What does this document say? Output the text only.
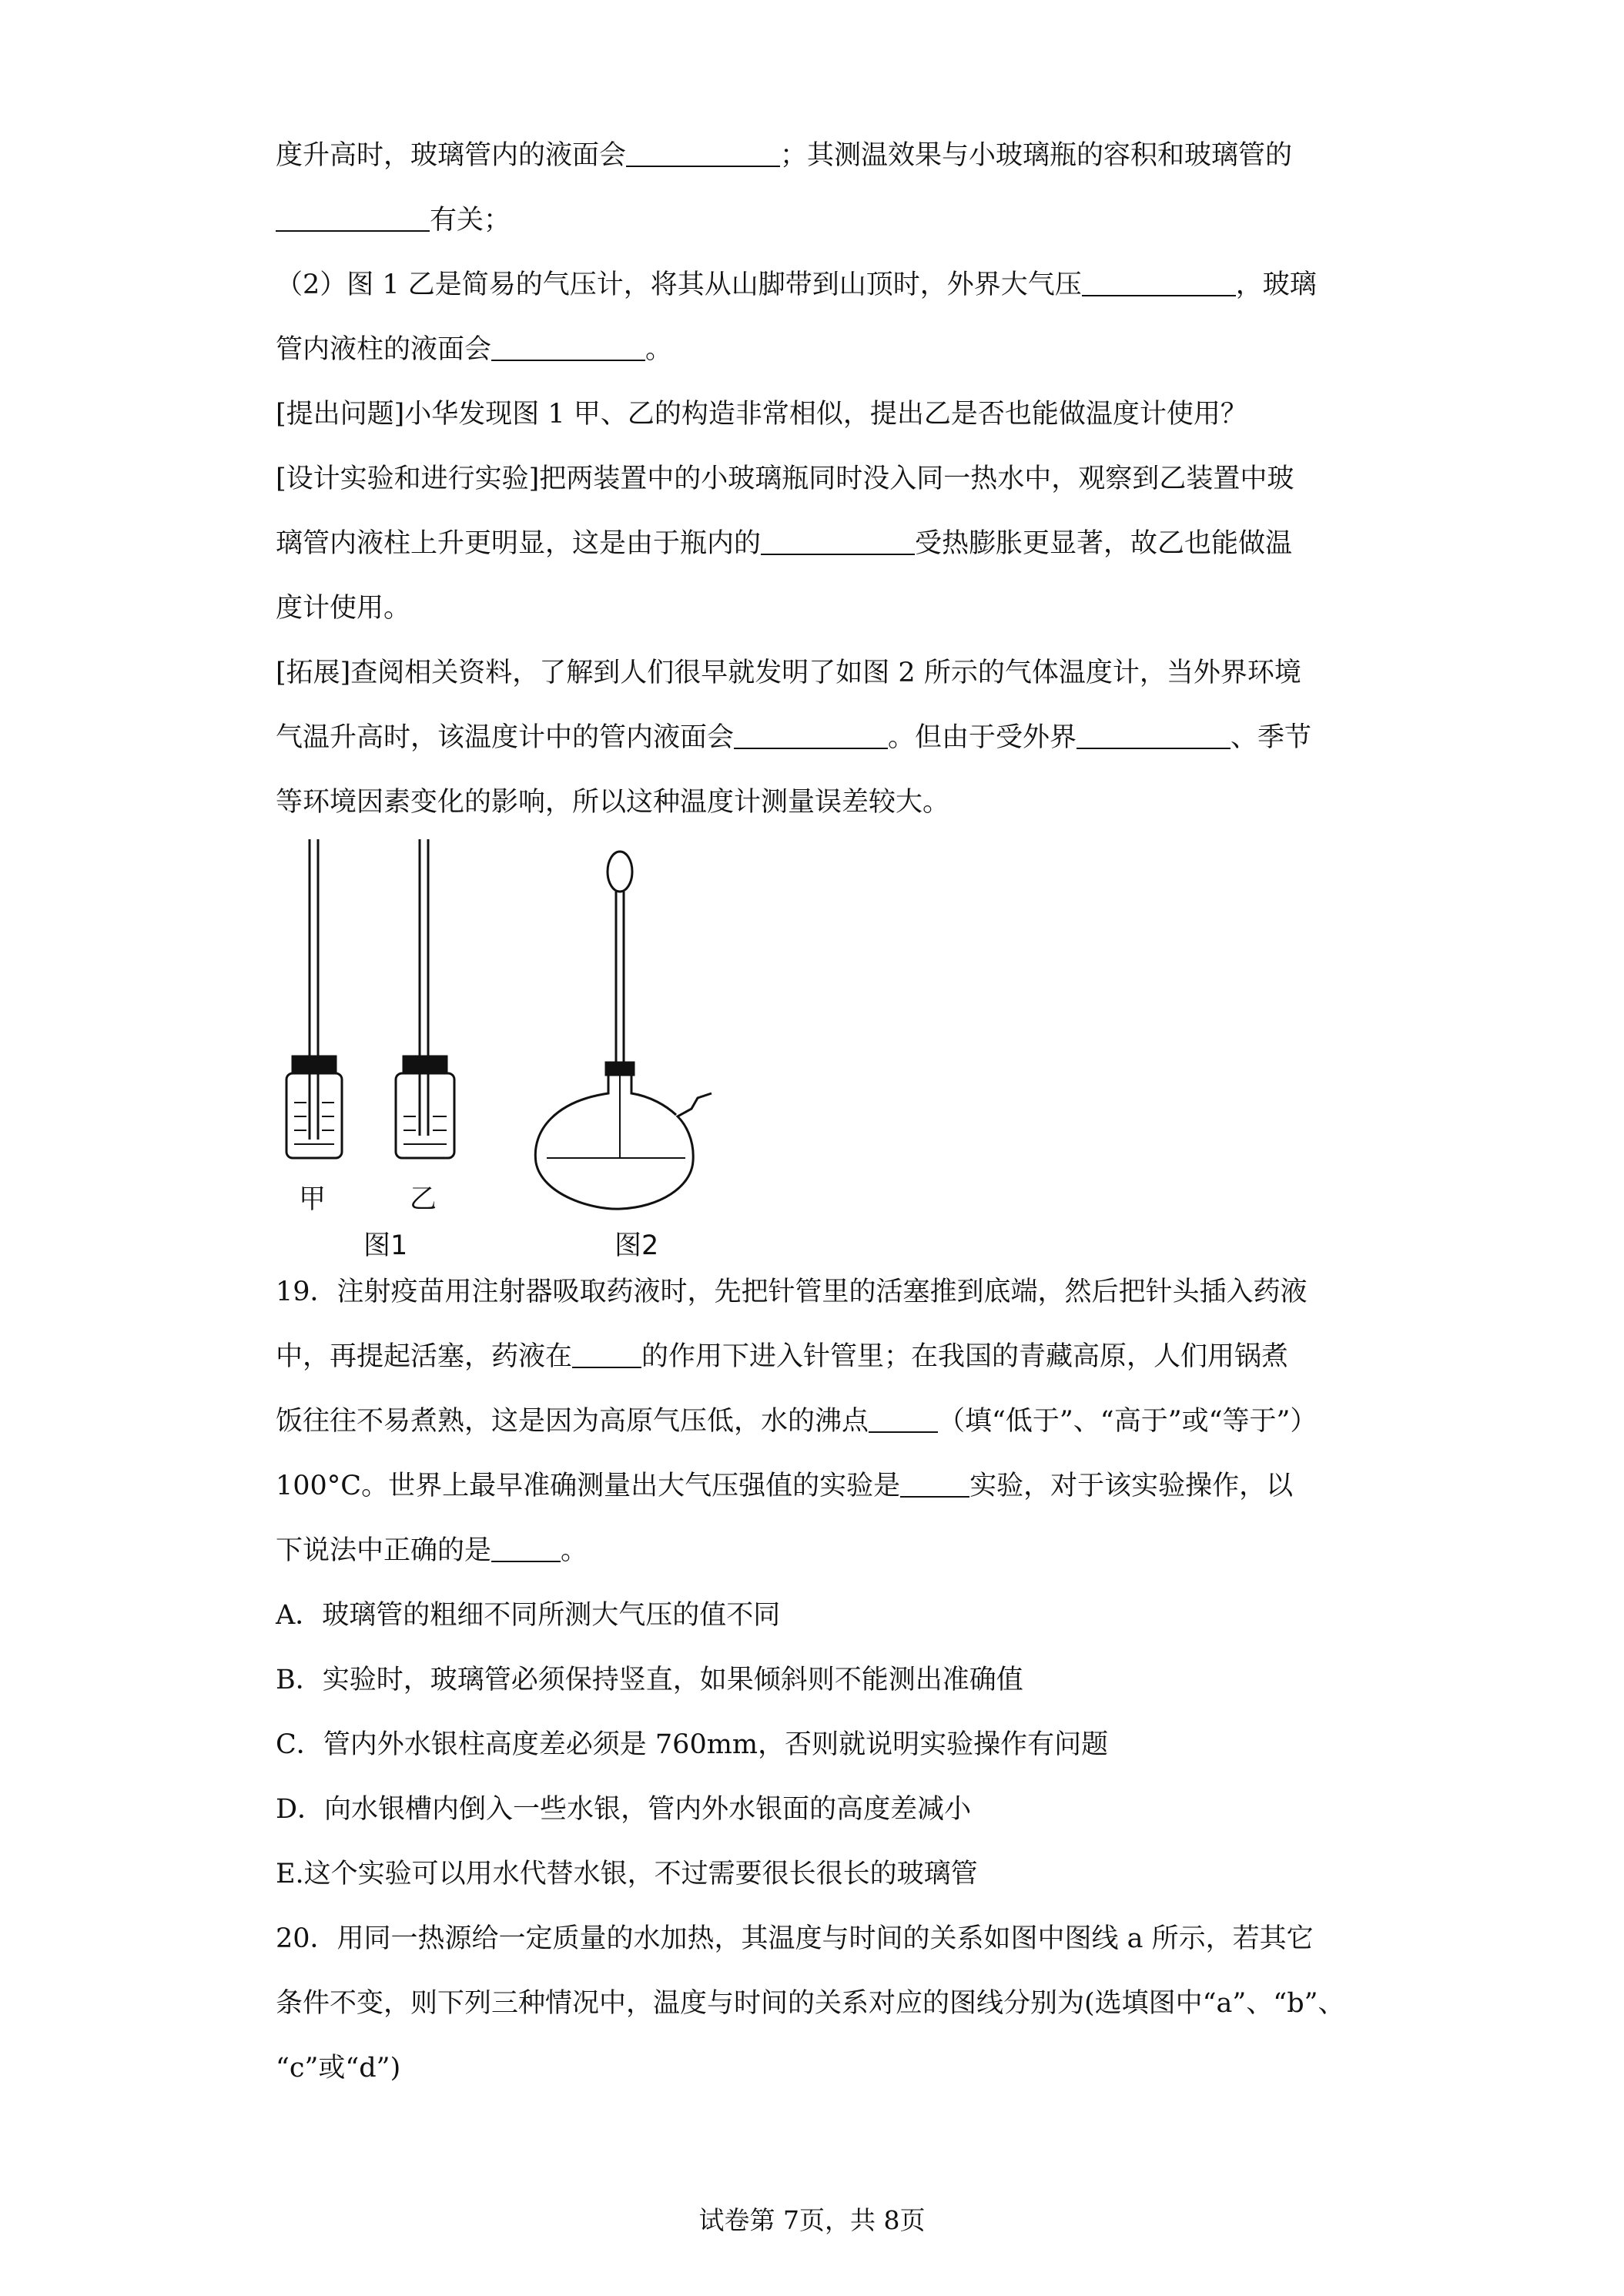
度升高时，玻璃管内的液面会	；其测温效果与小玻璃瓶的容积和玻璃管的
有关；
（2）图 1 乙是简易的气压计，将其从山脚带到山顶时，外界大气压	，玻璃
管内液柱的液面会	。
[提出问题]小华发现图 1 甲、乙的构造非常相似，提出乙是否也能做温度计使用？
[设计实验和进行实验]把两装置中的小玻璃瓶同时没入同一热水中，观察到乙装置中玻
璃管内液柱上升更明显，这是由于瓶内的	受热膨胀更显著，故乙也能做温
度计使用。
[拓展]查阅相关资料，了解到人们很早就发明了如图 2 所示的气体温度计，当外界环境
气温升高时，该温度计中的管内液面会	。但由于受外界	、季节
等环境因素变化的影响，所以这种温度计测量误差较大。
甲	乙
图1	图2
19．注射疫苗用注射器吸取药液时，先把针管里的活塞推到底端，然后把针头插入药液
中，再提起活塞，药液在	的作用下进入针管里；在我国的青藏高原，人们用锅煮
饭往往不易煮熟，这是因为高原气压低，水的沸点	（填“低于”、“高于”或“等于”）
100°C。世界上最早准确测量出大气压强值的实验是	实验，对于该实验操作，以
下说法中正确的是	。
A．玻璃管的粗细不同所测大气压的值不同
B．实验时，玻璃管必须保持竖直，如果倾斜则不能测出准确值
C．管内外水银柱高度差必须是 760mm，否则就说明实验操作有问题
D．向水银槽内倒入一些水银，管内外水银面的高度差减小
E.这个实验可以用水代替水银，不过需要很长很长的玻璃管
20．用同一热源给一定质量的水加热，其温度与时间的关系如图中图线 a 所示，若其它
条件不变，则下列三种情况中，温度与时间的关系对应的图线分别为(选填图中“a”、“b”、
“c”或“d”)
试卷第 7页，共 8页
